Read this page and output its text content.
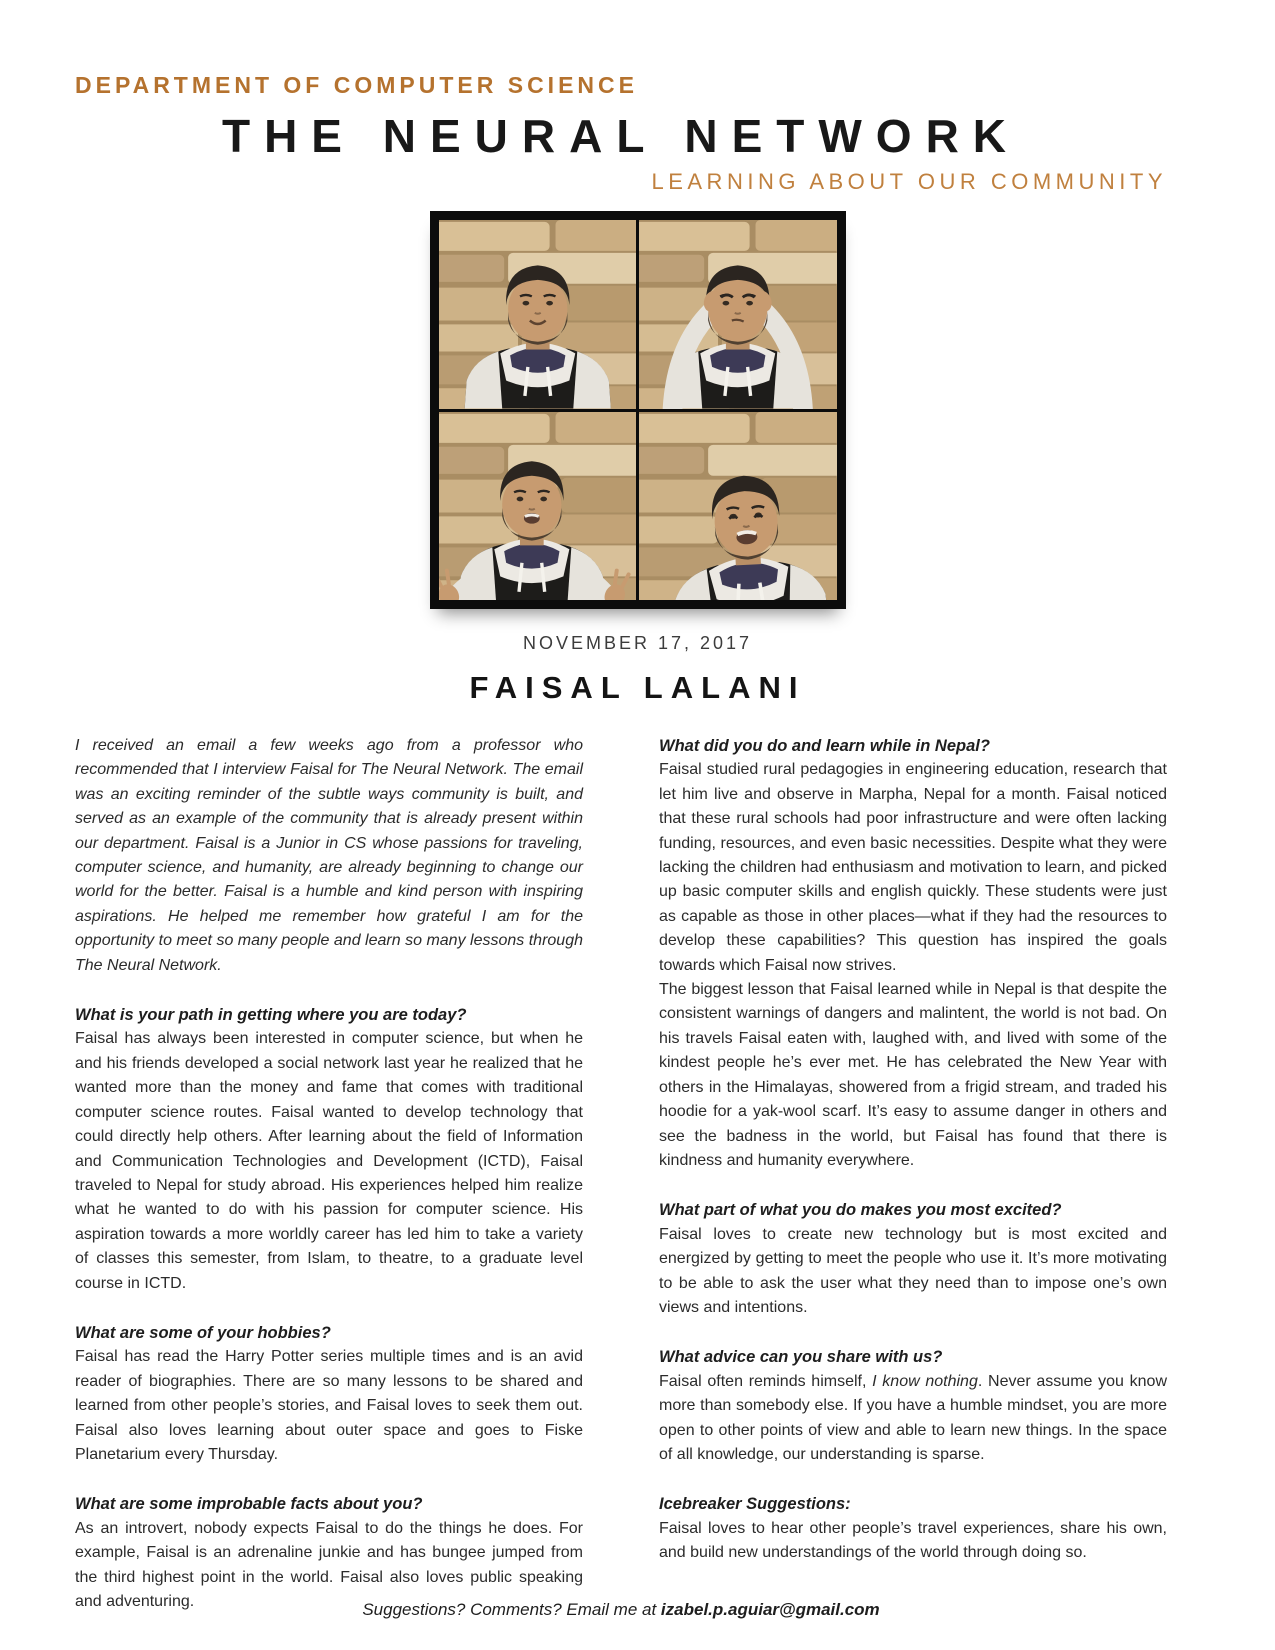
DEPARTMENT OF COMPUTER SCIENCE
THE NEURAL NETWORK
LEARNING ABOUT OUR COMMUNITY
NOVEMBER 17, 2017
FAISAL LALANI

I received an email a few weeks ago from a professor who recommended that I interview Faisal for The Neural Network. The email was an exciting reminder of the subtle ways community is built, and served as an example of the community that is already present within our department. Faisal is a Junior in CS whose passions for traveling, computer science, and humanity, are already beginning to change our world for the better. Faisal is a humble and kind person with inspiring aspirations. He helped me remember how grateful I am for the opportunity to meet so many people and learn so many lessons through The Neural Network.

What is your path in getting where you are today?

Faisal has always been interested in computer science, but when he and his friends developed a social network last year he realized that he wanted more than the money and fame that comes with traditional computer science routes. Faisal wanted to develop technology that could directly help others. After learning about the field of Information and Communication Technologies and Development (ICTD), Faisal traveled to Nepal for study abroad. His experiences helped him realize what he wanted to do with his passion for computer science. His aspiration towards a more worldly career has led him to take a variety of classes this semester, from Islam, to theatre, to a graduate level course in ICTD.

What are some of your hobbies?

Faisal has read the Harry Potter series multiple times and is an avid reader of biographies. There are so many lessons to be shared and learned from other people’s stories, and Faisal loves to seek them out. Faisal also loves learning about outer space and goes to Fiske Planetarium every Thursday.

What are some improbable facts about you?

As an introvert, nobody expects Faisal to do the things he does. For example, Faisal is an adrenaline junkie and has bungee jumped from the third highest point in the world. Faisal also loves public speaking and adventuring.

What did you do and learn while in Nepal?

Faisal studied rural pedagogies in engineering education, research that let him live and observe in Marpha, Nepal for a month. Faisal noticed that these rural schools had poor infrastructure and were often lacking funding, resources, and even basic necessities. Despite what they were lacking the children had enthusiasm and motivation to learn, and picked up basic computer skills and english quickly. These students were just as capable as those in other places—what if they had the resources to develop these capabilities? This question has inspired the goals towards which Faisal now strives.

The biggest lesson that Faisal learned while in Nepal is that despite the consistent warnings of dangers and malintent, the world is not bad. On his travels Faisal eaten with, laughed with, and lived with some of the kindest people he’s ever met. He has celebrated the New Year with others in the Himalayas, showered from a frigid stream, and traded his hoodie for a yak-wool scarf. It’s easy to assume danger in others and see the badness in the world, but Faisal has found that there is kindness and humanity everywhere.

What part of what you do makes you most excited?

Faisal loves to create new technology but is most excited and energized by getting to meet the people who use it. It’s more motivating to be able to ask the user what they need than to impose one’s own views and intentions.

What advice can you share with us?

Faisal often reminds himself, I know nothing. Never assume you know more than somebody else. If you have a humble mindset, you are more open to other points of view and able to learn new things. In the space of all knowledge, our understanding is sparse.

Icebreaker Suggestions:

Faisal loves to hear other people’s travel experiences, share his own, and build new understandings of the world through doing so.

Suggestions? Comments? Email me at izabel.p.aguiar@gmail.com
